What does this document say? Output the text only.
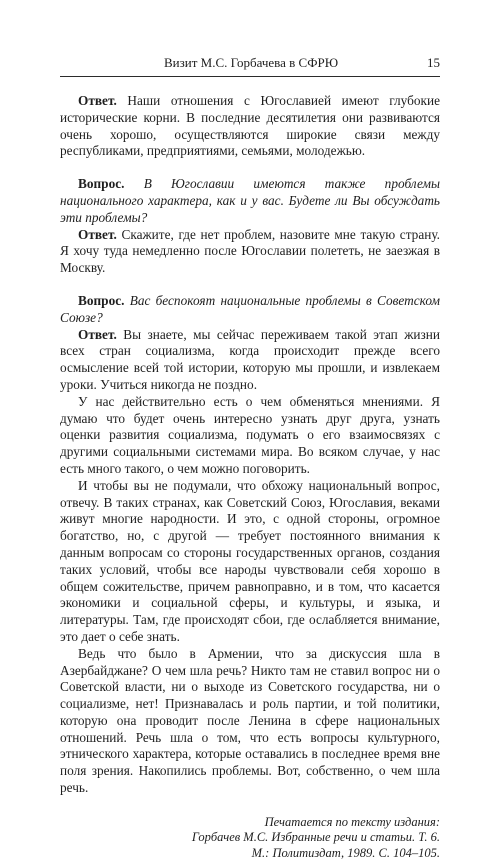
Визит М.С. Горбачева в СФРЮ	15

Ответ. Наши отношения с Югославией имеют глубокие исторические корни. В последние десятилетия они развиваются очень хорошо, осуществляются широкие связи между республиками, предприятиями, семьями, молодежью.

Вопрос. В Югославии имеются также проблемы национального характера, как и у вас. Будете ли Вы обсуждать эти проблемы?

Ответ. Скажите, где нет проблем, назовите мне такую страну. Я хочу туда немедленно после Югославии полететь, не заезжая в Москву.

Вопрос. Вас беспокоят национальные проблемы в Советском Союзе?

Ответ. Вы знаете, мы сейчас переживаем такой этап жизни всех стран социализма, когда происходит прежде всего осмысление всей той истории, которую мы прошли, и извлекаем уроки. Учиться никогда не поздно.

У нас действительно есть о чем обменяться мнениями. Я думаю что будет очень интересно узнать друг друга, узнать оценки развития социализма, подумать о его взаимосвязях с другими социальными системами мира. Во всяком случае, у нас есть много такого, о чем можно поговорить.

И чтобы вы не подумали, что обхожу национальный вопрос, отвечу. В таких странах, как Советский Союз, Югославия, веками живут многие народности. И это, с одной стороны, огромное богатство, но, с другой — требует постоянного внимания к данным вопросам со стороны государственных органов, создания таких условий, чтобы все народы чувствовали себя хорошо в общем сожительстве, причем равноправно, и в том, что касается экономики и социальной сферы, и культуры, и языка, и литературы. Там, где происходят сбои, где ослабляется внимание, это дает о себе знать.

Ведь что было в Армении, что за дискуссия шла в Азербайджане? О чем шла речь? Никто там не ставил вопрос ни о Советской власти, ни о выходе из Советского государства, ни о социализме, нет! Признавалась и роль партии, и той политики, которую она проводит после Ленина в сфере национальных отношений. Речь шла о том, что есть вопросы культурного, этнического характера, которые оставались в последнее время вне поля зрения. Накопились проблемы. Вот, собственно, о чем шла речь.

Печатается по тексту издания:
Горбачев М.С. Избранные речи и статьи. Т. 6.
М.: Политиздат, 1989. С. 104–105.
